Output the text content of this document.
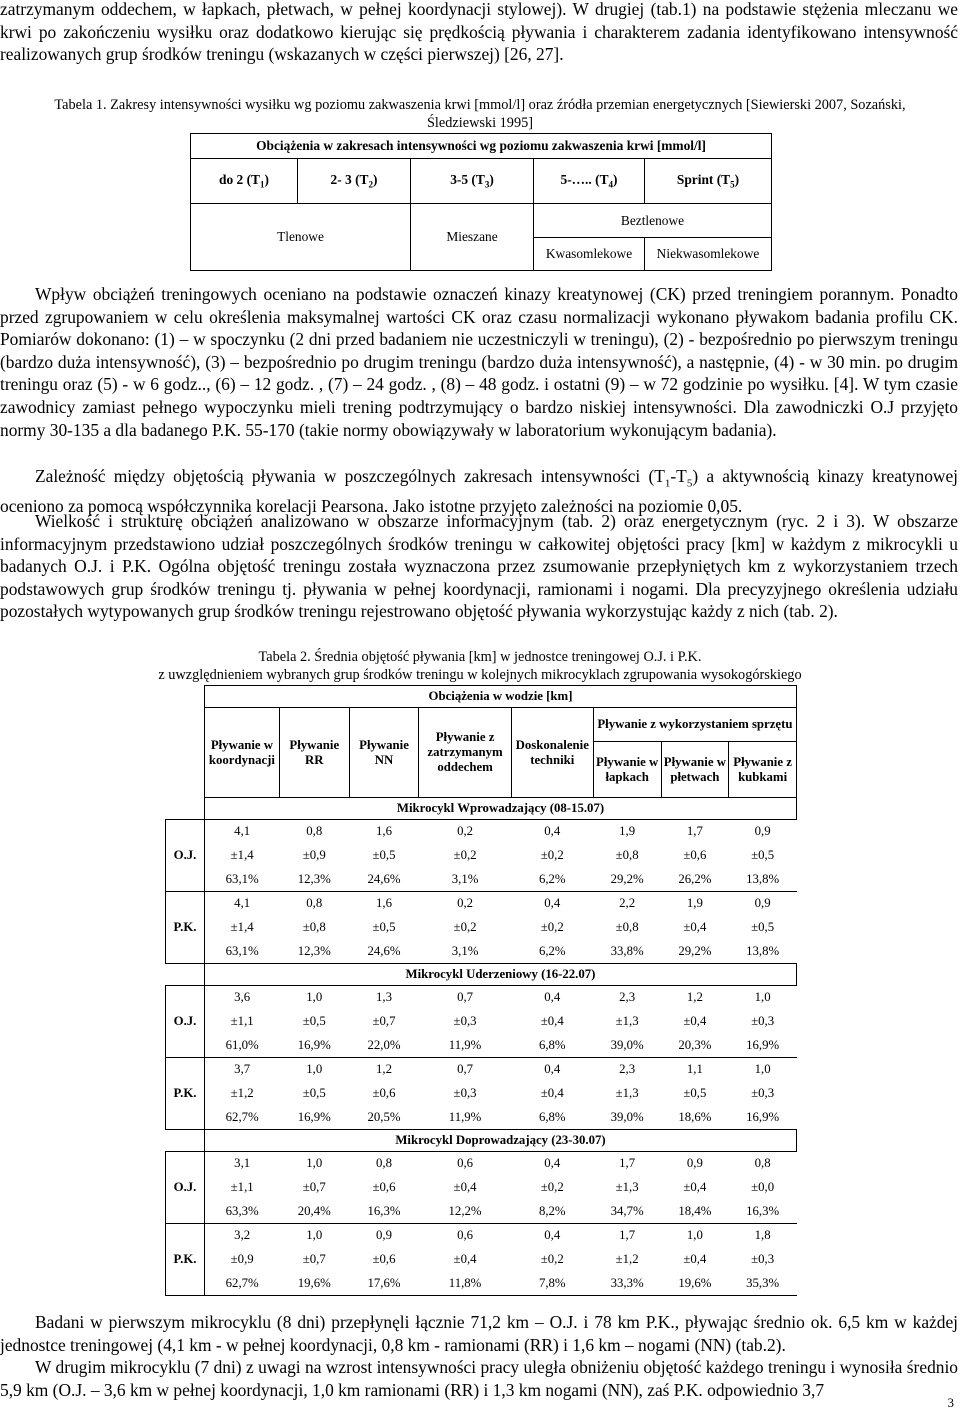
zatrzymanym oddechem, w łapkach, płetwach, w pełnej koordynacji stylowej). W drugiej (tab.1) na podstawie stężenia mleczanu we krwi po zakończeniu wysiłku oraz dodatkowo kierując się prędkością pływania i charakterem zadania identyfikowano intensywność realizowanych grup środków treningu (wskazanych w części pierwszej) [26, 27].
Tabela 1. Zakresy intensywności wysiłku wg poziomu zakwaszenia krwi [mmol/l] oraz źródła przemian energetycznych [Siewierski 2007, Sozański, Śledziewski 1995]
Obciążenia w zakresach intensywności wg poziomu zakwaszenia krwi [mmol/l]				
do 2 $(T_1)$	2- 3 $(T_2)$	3-5 $(T_3)$	5-….. $(T_4)$	Sprint $(T_5)$
Tlenowe		Mieszane	Beztlenowe	
			Kwasomlekowe	Niekwasomlekowe
Wpływ obciążeń treningowych oceniano na podstawie oznaczeń kinazy kreatynowej (CK) przed treningiem porannym. Ponadto przed zgrupowaniem w celu określenia maksymalnej wartości CK oraz czasu normalizacji wykonano pływakom badania profilu CK. Pomiarów dokonano: (1) – w spoczynku (2 dni przed badaniem nie uczestniczyli w treningu), (2) - bezpośrednio po pierwszym treningu (bardzo duża intensywność), (3) – bezpośrednio po drugim treningu (bardzo duża intensywność), a następnie, (4) - w 30 min. po drugim treningu oraz (5) - w 6 godz.., (6) – 12 godz. , (7) – 24 godz. , (8) – 48 godz. i ostatni (9) – w 72 godzinie po wysiłku. [4]. W tym czasie zawodnicy zamiast pełnego wypoczynku mieli trening podtrzymujący o bardzo niskiej intensywności. Dla zawodniczki O.J przyjęto normy 30-135 a dla badanego P.K. 55-170 (takie normy obowiązywały w laboratorium wykonującym badania).
Zależność między objętością pływania w poszczególnych zakresach intensywności $(T_1-T_5)$ a aktywnością kinazy kreatynowej oceniono za pomocą współczynnika korelacji Pearsona. Jako istotne przyjęto zależności na poziomie 0,05.
Wielkość i strukturę obciążeń analizowano w obszarze informacyjnym (tab. 2) oraz energetycznym (ryc. 2 i 3). W obszarze informacyjnym przedstawiono udział poszczególnych środków treningu w całkowitej objętości pracy [km] w każdym z mikrocykli u badanych O.J. i P.K. Ogólna objętość treningu została wyznaczona przez zsumowanie przepłyniętych km z wykorzystaniem trzech podstawowych grup środków treningu tj. pływania w pełnej koordynacji, ramionami i nogami. Dla precyzyjnego określenia udziału pozostałych wytypowanych grup środków treningu rejestrowano objętość pływania wykorzystując każdy z nich (tab. 2).
Tabela 2. Średnia objętość pływania [km] w jednostce treningowej O.J. i P.K.
z uwzględnieniem wybranych grup środków treningu w kolejnych mikrocyklach zgrupowania wysokogórskiego
	Obciążenia w wodzie [km]							
	Pływanie w koordynacji	Pływanie RR	Pływanie NN	Pływanie z zatrzymanym oddechem	Doskonalenie techniki	Pływanie z wykorzystaniem sprzętu		
						Pływanie w łapkach	Pływanie w płetwach	Pływanie z kubkami
	Mikrocykl Wprowadzający (08-15.07)							
O.J.	4,1	0,8	1,6	0,2	0,4	1,9	1,7	0,9
	±1,4	±0,9	±0,5	±0,2	±0,2	±0,8	±0,6	±0,5
	63,1%	12,3%	24,6%	3,1%	6,2%	29,2%	26,2%	13,8%
P.K.	4,1	0,8	1,6	0,2	0,4	2,2	1,9	0,9
	±1,4	±0,8	±0,5	±0,2	±0,2	±0,8	±0,4	±0,5
	63,1%	12,3%	24,6%	3,1%	6,2%	33,8%	29,2%	13,8%
	Mikrocykl Uderzeniowy (16-22.07)							
O.J.	3,6	1,0	1,3	0,7	0,4	2,3	1,2	1,0
	±1,1	±0,5	±0,7	±0,3	±0,4	±1,3	±0,4	±0,3
	61,0%	16,9%	22,0%	11,9%	6,8%	39,0%	20,3%	16,9%
P.K.	3,7	1,0	1,2	0,7	0,4	2,3	1,1	1,0
	±1,2	±0,5	±0,6	±0,3	±0,4	±1,3	±0,5	±0,3
	62,7%	16,9%	20,5%	11,9%	6,8%	39,0%	18,6%	16,9%
	Mikrocykl Doprowadzający (23-30.07)							
O.J.	3,1	1,0	0,8	0,6	0,4	1,7	0,9	0,8
	±1,1	±0,7	±0,6	±0,4	±0,2	±1,3	±0,4	±0,0
	63,3%	20,4%	16,3%	12,2%	8,2%	34,7%	18,4%	16,3%
P.K.	3,2	1,0	0,9	0,6	0,4	1,7	1,0	1,8
	±0,9	±0,7	±0,6	±0,4	±0,2	±1,2	±0,4	±0,3
	62,7%	19,6%	17,6%	11,8%	7,8%	33,3%	19,6%	35,3%
Badani w pierwszym mikrocyklu (8 dni) przepłynęli łącznie 71,2 km – O.J. i 78 km P.K., pływając średnio ok. 6,5 km w każdej jednostce treningowej (4,1 km - w pełnej koordynacji, 0,8 km - ramionami (RR) i 1,6 km – nogami (NN) (tab.2).
W drugim mikrocyklu (7 dni) z uwagi na wzrost intensywności pracy uległa obniżeniu objętość każdego treningu i wynosiła średnio 5,9 km (O.J. – 3,6 km w pełnej koordynacji, 1,0 km ramionami (RR) i 1,3 km nogami (NN), zaś P.K. odpowiednio 3,7
3
